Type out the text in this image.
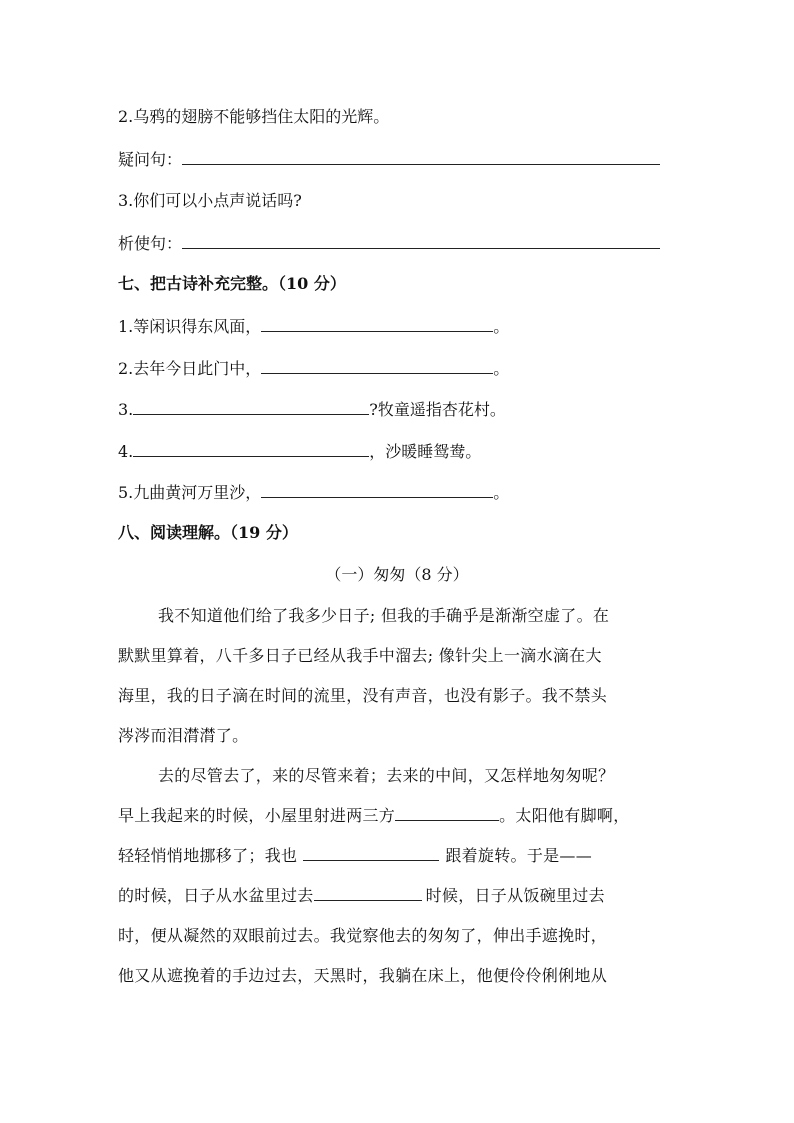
2.乌鸦的翅膀不能够挡住太阳的光辉。
疑问句：
3.你们可以小点声说话吗?
析使句：
七、把古诗补充完整。（10 分）
1.等闲识得东风面，	。
2.去年今日此门中，	。
3.	?牧童遥指杏花村。
4.	，沙暖睡鸳鸯。
5.九曲黄河万里沙，	。
八、阅读理解。（19 分）
（一）匆匆（8 分）
我不知道他们给了我多少日子; 但我的手确乎是渐渐空虚了。在
默默里算着，八千多日子已经从我手中溜去; 像针尖上一滴水滴在大
海里，我的日子滴在时间的流里，没有声音，也没有影子。我不禁头
涔涔而泪潸潸了。
去的尽管去了，来的尽管来着；去来的中间，又怎样地匆匆呢？
早上我起来的时候，小屋里射进两三方	。太阳他有脚啊，
轻轻悄悄地挪移了；我也	跟着旋转。于是——
的时候，日子从水盆里过去	时候，日子从饭碗里过去
时，便从凝然的双眼前过去。我觉察他去的匆匆了，伸出手遮挽时，
他又从遮挽着的手边过去，天黑时，我躺在床上，他便伶伶俐俐地从
